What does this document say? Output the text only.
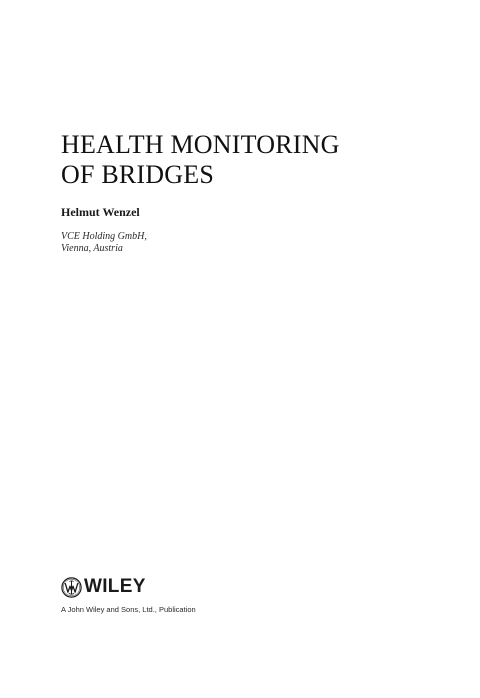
HEALTH MONITORING
OF BRIDGES
Helmut Wenzel
VCE Holding GmbH,
Vienna, Austria
WILEY
A John Wiley and Sons, Ltd., Publication
